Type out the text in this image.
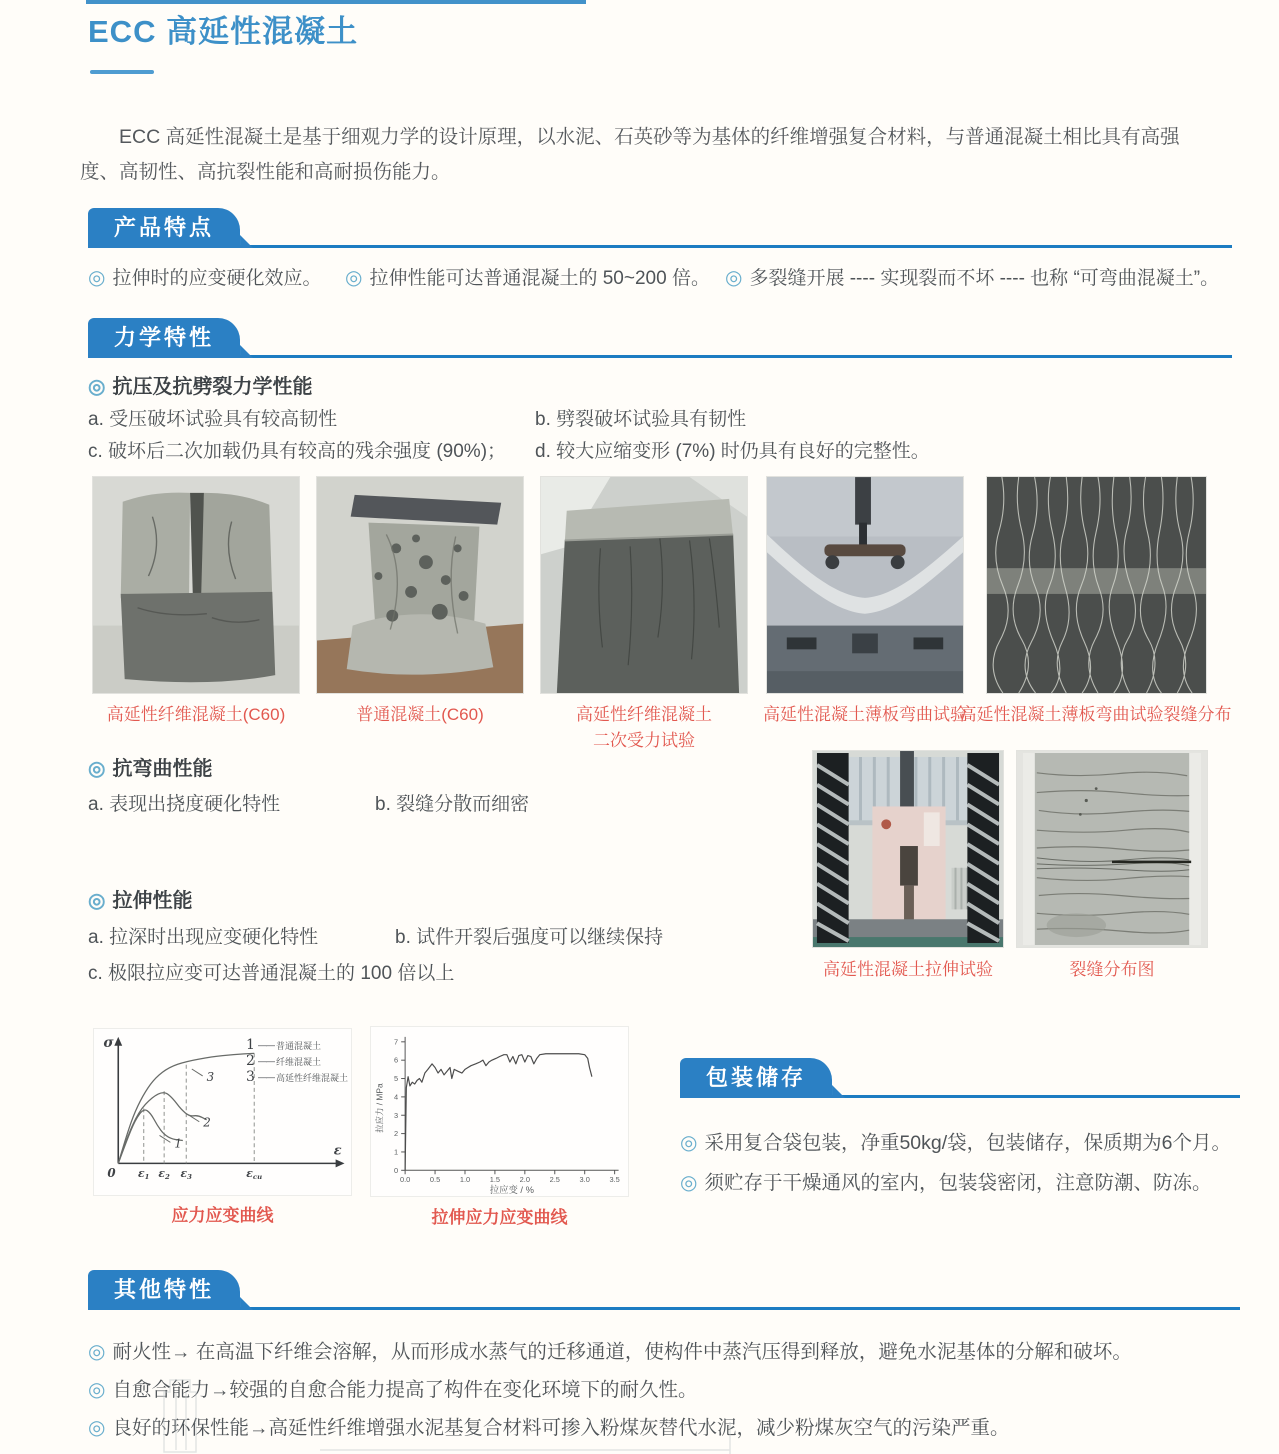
ECC 高延性混凝土

ECC 高延性混凝土是基于细观力学的设计原理，以水泥、石英砂等为基体的纤维增强复合材料，与普通混凝土相比具有高强度、高韧性、高抗裂性能和高耐损伤能力。

产品特点
◎ 拉伸时的应变硬化效应。 ◎ 拉伸性能可达普通混凝土的 50~200 倍。 ◎ 多裂缝开展 ---- 实现裂而不坏 ---- 也称 “可弯曲混凝土”。
力学特性
◎ 抗压及抗劈裂力学性能
a. 受压破坏试验具有较高韧性	b. 劈裂破坏试验具有韧性
c. 破坏后二次加载仍具有较高的残余强度 (90%)； d. 较大应缩变形 (7%) 时仍具有良好的完整性。
高延性纤维混凝土(C60)	普通混凝土(C60)	高延性纤维混凝土
二次受力试验
高延性混凝土薄板弯曲试验
高延性混凝土薄板弯曲试验裂缝分布
◎ 抗弯曲性能
a. 表现出挠度硬化特性	b. 裂缝分散而细密
高延性混凝土拉伸试验	裂缝分布图
◎ 拉伸性能
a. 拉深时出现应变硬化特性	b. 试件开裂后强度可以继续保持
c. 极限拉应变可达普通混凝土的 100 倍以上
σ
ε
0 ε1 ε2 ε3	εcu
1
2
3
1 —— 普通混凝土
2 —— 纤维混凝土
3 —— 高延性纤维混凝土
应力应变曲线
0
1
2
3
4
5
6
7
0.0	0.5	1.0	1.5	2.0	2.5	3.0	3.5
拉应力 / MPa
拉应变 / %
拉伸应力应变曲线
包装储存
◎ 采用复合袋包装，净重50kg/袋，包装储存，保质期为6个月。
◎ 须贮存于干燥通风的室内，包装袋密闭，注意防潮、防冻。
其他特性
◎ 耐火性→ 在高温下纤维会溶解，从而形成水蒸气的迁移通道，使构件中蒸汽压得到释放，避免水泥基体的分解和破坏。
◎ 自愈合能力→较强的自愈合能力提高了构件在变化环境下的耐久性。
◎ 良好的环保性能→高延性纤维增强水泥基复合材料可掺入粉煤灰替代水泥，减少粉煤灰空气的污染严重。
